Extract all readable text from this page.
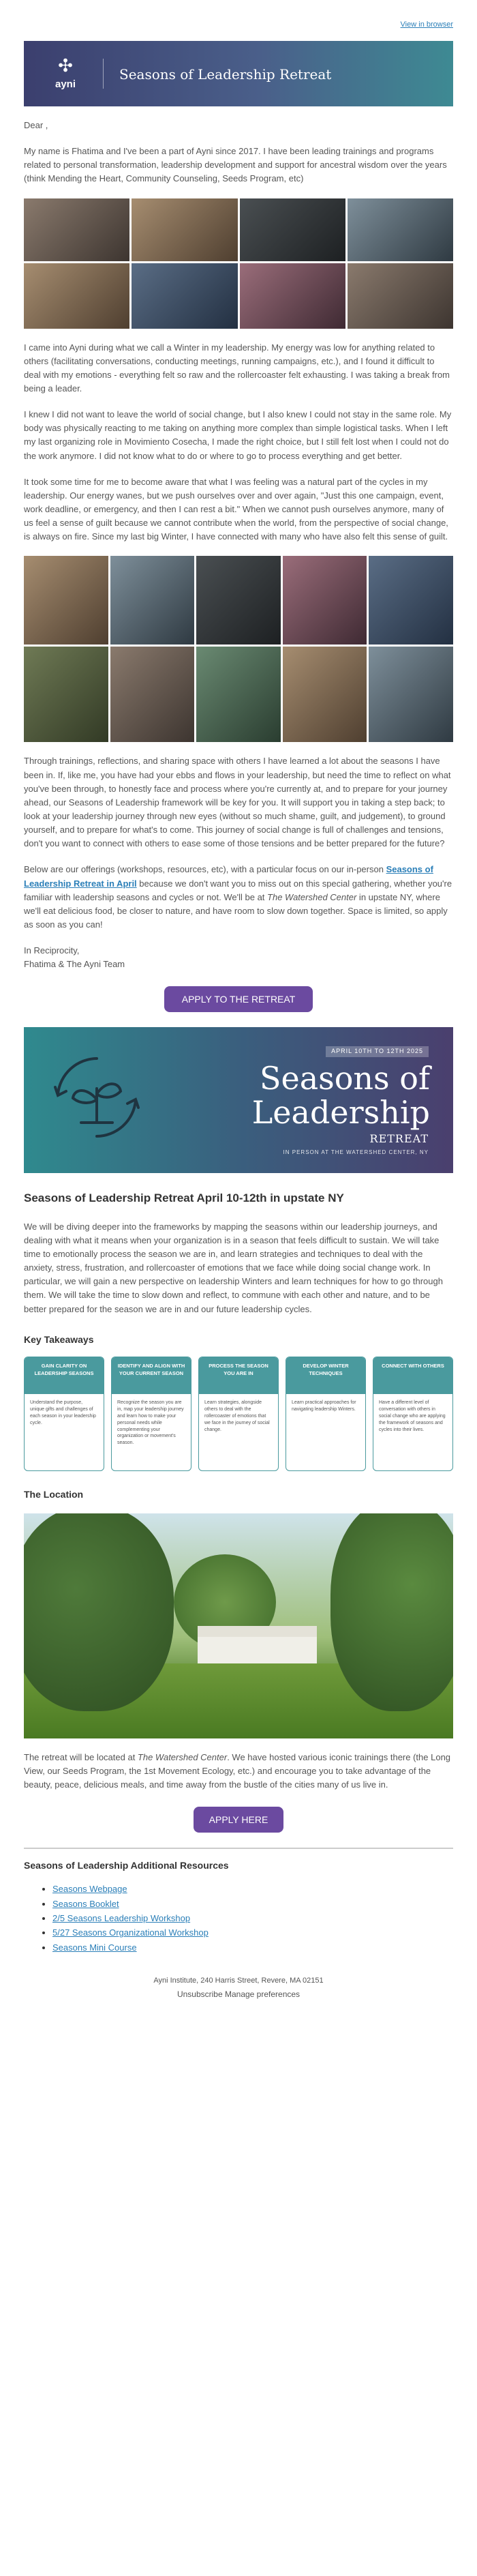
View in browser
✣
ayni
Seasons of Leadership Retreat

Dear ,

My name is Fhatima and I've been a part of Ayni since 2017. I have been leading trainings and programs related to personal transformation, leadership development and support for ancestral wisdom over the years (think Mending the Heart, Community Counseling, Seeds Program, etc)

I came into Ayni during what we call a Winter in my leadership. My energy was low for anything related to others (facilitating conversations, conducting meetings, running campaigns, etc.), and I found it difficult to deal with my emotions - everything felt so raw and the rollercoaster felt exhausting. I was taking a break from being a leader.

I knew I did not want to leave the world of social change, but I also knew I could not stay in the same role. My body was physically reacting to me taking on anything more complex than simple logistical tasks. When I left my last organizing role in Movimiento Cosecha, I made the right choice, but I still felt lost when I could not do the work anymore. I did not know what to do or where to go to process everything and get better.

It took some time for me to become aware that what I was feeling was a natural part of the cycles in my leadership. Our energy wanes, but we push ourselves over and over again, "Just this one campaign, event, work deadline, or emergency, and then I can rest a bit." When we cannot push ourselves anymore, many of us feel a sense of guilt because we cannot contribute when the world, from the perspective of social change, is always on fire. Since my last big Winter, I have connected with many who have also felt this sense of guilt.

Through trainings, reflections, and sharing space with others I have learned a lot about the seasons I have been in. If, like me, you have had your ebbs and flows in your leadership, but need the time to reflect on what you've been through, to honestly face and process where you're currently at, and to prepare for your journey ahead, our Seasons of Leadership framework will be key for you. It will support you in taking a step back; to look at your leadership journey through new eyes (without so much shame, guilt, and judgement), to ground yourself, and to prepare for what's to come. This journey of social change is full of challenges and tensions, don't you want to connect with others to ease some of those tensions and be better prepared for the future?

Below are our offerings (workshops, resources, etc), with a particular focus on our in-person Seasons of Leadership Retreat in April because we don't want you to miss out on this special gathering, whether you're familiar with leadership seasons and cycles or not. We'll be at The Watershed Center in upstate NY, where we'll eat delicious food, be closer to nature, and have room to slow down together. Space is limited, so apply as soon as you can!

In Reciprocity,
Fhatima & The Ayni Team

APPLY TO THE RETREAT
APRIL 10TH TO 12TH 2025
Seasons of
Leadership
RETREAT
IN PERSON AT THE WATERSHED CENTER, NY
Seasons of Leadership Retreat April 10-12th in upstate NY

We will be diving deeper into the frameworks by mapping the seasons within our leadership journeys, and dealing with what it means when your organization is in a season that feels difficult to sustain. We will take time to emotionally process the season we are in, and learn strategies and techniques to deal with the anxiety, stress, frustration, and rollercoaster of emotions that we face while doing social change work. In particular, we will gain a new perspective on leadership Winters and learn techniques for how to go through them. We will take the time to slow down and reflect, to commune with each other and nature, and to be better prepared for the season we are in and our future leadership cycles.

Key Takeaways
GAIN CLARITY ON LEADERSHIP SEASONS
Understand the purpose, unique gifts and challenges of each season in your leadership cycle.
IDENTIFY AND ALIGN WITH YOUR CURRENT SEASON
Recognize the season you are in, map your leadership journey and learn how to make your personal needs while complementing your organization or movement's season.
PROCESS THE SEASON YOU ARE IN
Learn strategies, alongside others to deal with the rollercoaster of emotions that we face in the journey of social change.
DEVELOP WINTER TECHNIQUES
Learn practical approaches for navigating leadership Winters.
CONNECT WITH OTHERS
Have a different level of conversation with others in social change who are applying the framework of seasons and cycles into their lives.
The Location

The retreat will be located at The Watershed Center. We have hosted various iconic trainings there (the Long View, our Seeds Program, the 1st Movement Ecology, etc.) and encourage you to take advantage of the beauty, peace, delicious meals, and time away from the bustle of the cities many of us live in.

APPLY HERE
Seasons of Leadership Additional Resources
• Seasons Webpage
• Seasons Booklet
• 2/5 Seasons Leadership Workshop
• 5/27 Seasons Organizational Workshop
• Seasons Mini Course
Ayni Institute, 240 Harris Street, Revere, MA 02151
Unsubscribe Manage preferences
